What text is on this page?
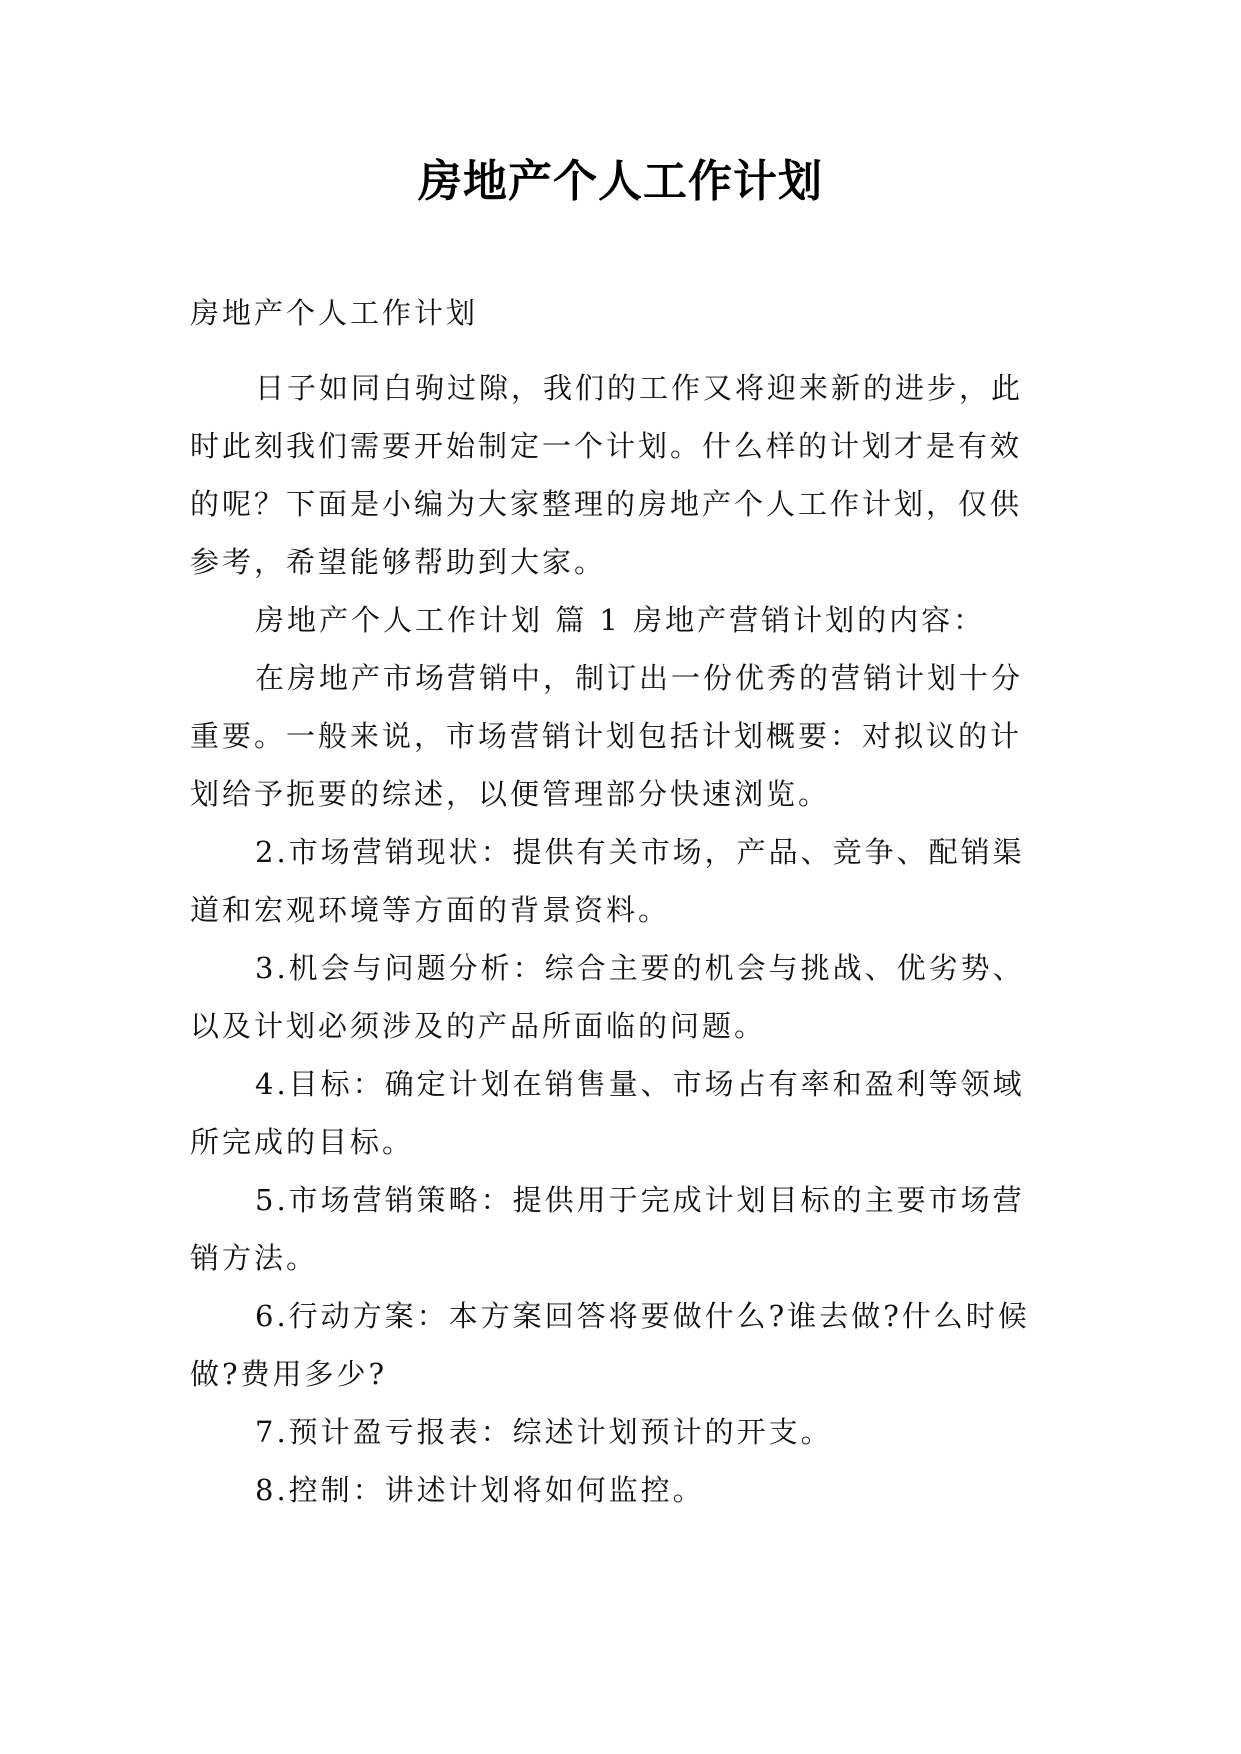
房地产个人工作计划
房地产个人工作计划
日子如同白驹过隙，我们的工作又将迎来新的进步，此
时此刻我们需要开始制定一个计划。什么样的计划才是有效
的呢？下面是小编为大家整理的房地产个人工作计划，仅供
参考，希望能够帮助到大家。
房地产个人工作计划 篇 1 房地产营销计划的内容：
在房地产市场营销中，制订出一份优秀的营销计划十分
重要。一般来说，市场营销计划包括计划概要：对拟议的计
划给予扼要的综述，以便管理部分快速浏览。
2.市场营销现状：提供有关市场，产品、竞争、配销渠
道和宏观环境等方面的背景资料。
3.机会与问题分析：综合主要的机会与挑战、优劣势、
以及计划必须涉及的产品所面临的问题。
4.目标：确定计划在销售量、市场占有率和盈利等领域
所完成的目标。
5.市场营销策略：提供用于完成计划目标的主要市场营
销方法。
6.行动方案：本方案回答将要做什么?谁去做?什么时候
做?费用多少?
7.预计盈亏报表：综述计划预计的开支。
8.控制：讲述计划将如何监控。
